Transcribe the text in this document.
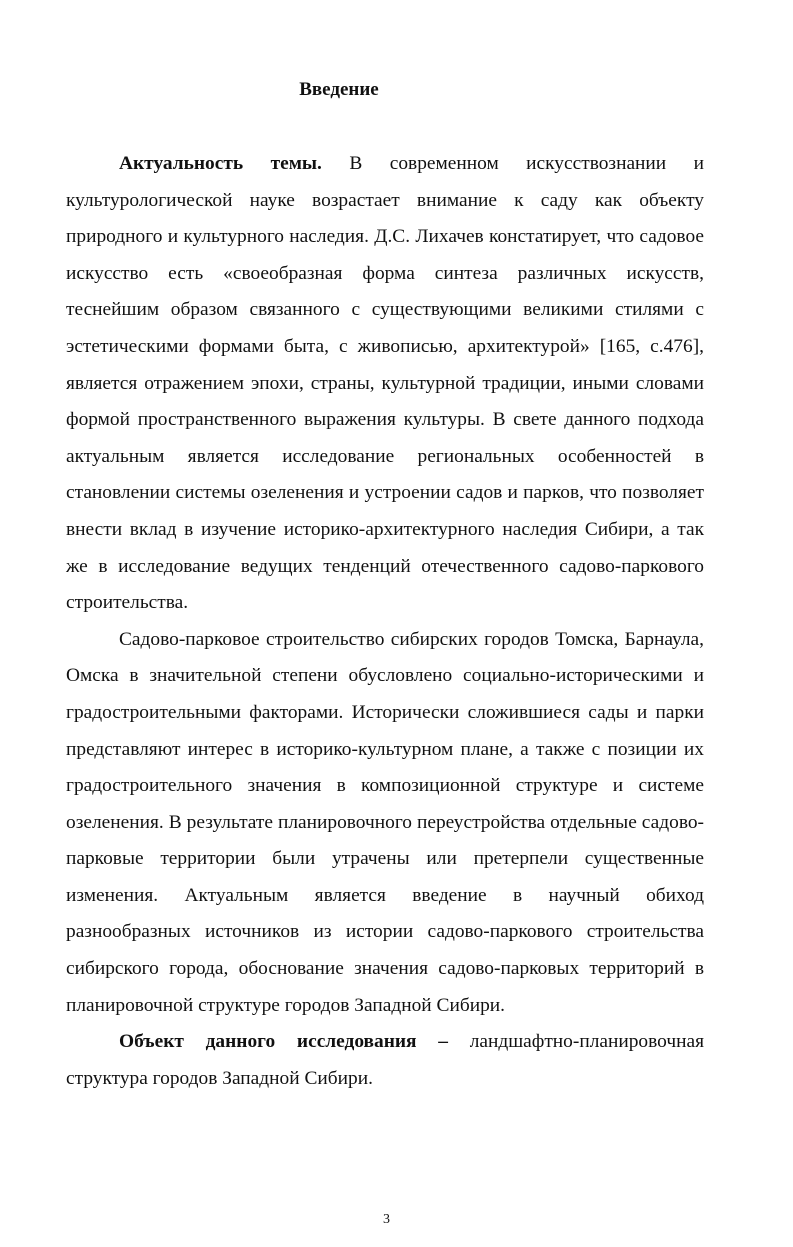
Введение

Актуальность темы. В современном искусствознании и культурологической науке возрастает внимание к саду как объекту природного и культурного наследия. Д.С. Лихачев констатирует, что садовое искусство есть «своеобразная форма синтеза различных искусств, теснейшим образом связанного с существующими великими стилями с эстетическими формами быта, с живописью, архитектурой» [165, с.476], является отражением эпохи, страны, культурной традиции, иными словами формой пространственного выражения культуры. В свете данного подхода актуальным является исследование региональных особенностей в становлении системы озеленения и устроении садов и парков, что позволяет внести вклад в изучение историко-архитектурного наследия Сибири, а так же в исследование ведущих тенденций отечественного садово-паркового строительства.

Садово-парковое строительство сибирских городов Томска, Барнаула, Омска в значительной степени обусловлено социально-историческими и градостроительными факторами. Исторически сложившиеся сады и парки представляют интерес в историко-культурном плане, а также с позиции их градостроительного значения в композиционной структуре и системе озеленения. В результате планировочного переустройства отдельные садово-парковые территории были утрачены или претерпели существенные изменения. Актуальным является введение в научный обиход разнообразных источников из истории садово-паркового строительства сибирского города, обоснование значения садово-парковых территорий в планировочной структуре городов Западной Сибири.

Объект данного исследования – ландшафтно-планировочная структура городов Западной Сибири.

3
